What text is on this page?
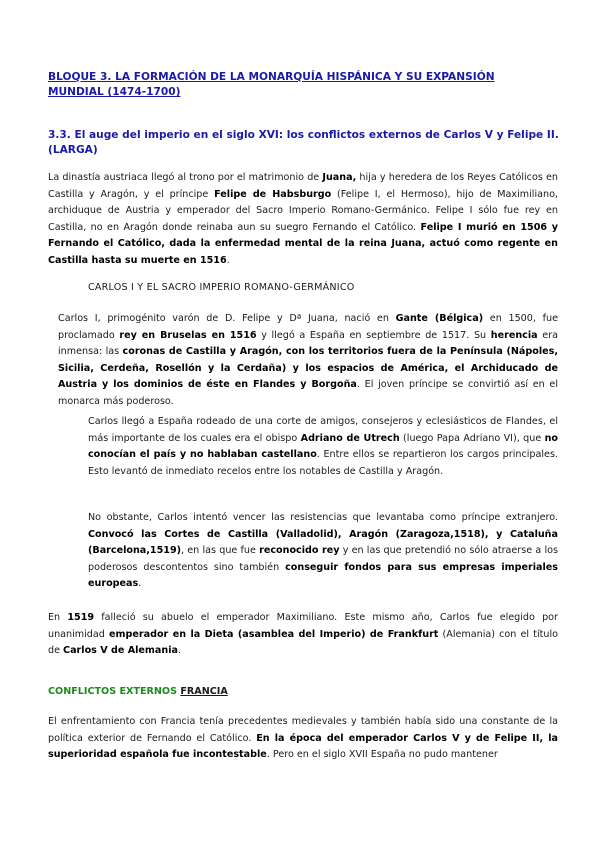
BLOQUE 3. LA FORMACIÓN DE LA MONARQUÍA HISPÁNICA Y SU EXPANSIÓN MUNDIAL (1474-1700)
3.3. El auge del imperio en el siglo XVI: los conflictos externos de Carlos V y Felipe II. (LARGA)

La dinastía austriaca llegó al trono por el matrimonio de Juana, hija y heredera de los Reyes Católicos en Castilla y Aragón, y el príncipe Felipe de Habsburgo (Felipe I, el Hermoso), hijo de Maximiliano, archiduque de Austria y emperador del Sacro Imperio Romano-Germánico. Felipe I sólo fue rey en Castilla, no en Aragón donde reinaba aun su suegro Fernando el Católico. Felipe I murió en 1506 y Fernando el Católico, dada la enfermedad mental de la reina Juana, actuó como regente en Castilla hasta su muerte en 1516.

CARLOS I Y EL SACRO IMPERIO ROMANO-GERMÁNICO

Carlos I, primogénito varón de D. Felipe y Dª Juana, nació en Gante (Bélgica) en 1500, fue proclamado rey en Bruselas en 1516 y llegó a España en septiembre de 1517. Su herencia era inmensa: las coronas de Castilla y Aragón, con los territorios fuera de la Península (Nápoles, Sicilia, Cerdeña, Rosellón y la Cerdaña) y los espacios de América, el Archiducado de Austria y los dominios de éste en Flandes y Borgoña. El joven príncipe se convirtió así en el monarca más poderoso.

Carlos llegó a España rodeado de una corte de amigos, consejeros y eclesiásticos de Flandes, el más importante de los cuales era el obispo Adriano de Utrech (luego Papa Adriano VI), que no conocían el país y no hablaban castellano. Entre ellos se repartieron los cargos principales. Esto levantó de inmediato recelos entre los notables de Castilla y Aragón.

No obstante, Carlos intentó vencer las resistencias que levantaba como príncipe extranjero. Convocó las Cortes de Castilla (Valladolid), Aragón (Zaragoza,1518), y Cataluña (Barcelona,1519), en las que fue reconocido rey y en las que pretendió no sólo atraerse a los poderosos descontentos sino también conseguir fondos para sus empresas imperiales europeas.

En 1519 falleció su abuelo el emperador Maximiliano. Este mismo año, Carlos fue elegido por unanimidad emperador en la Dieta (asamblea del Imperio) de Frankfurt (Alemania) con el título de Carlos V de Alemania.

CONFLICTOS EXTERNOS FRANCIA

El enfrentamiento con Francia tenía precedentes medievales y también había sido una constante de la política exterior de Fernando el Católico. En la época del emperador Carlos V y de Felipe II, la superioridad española fue incontestable. Pero en el siglo XVII España no pudo mantener
